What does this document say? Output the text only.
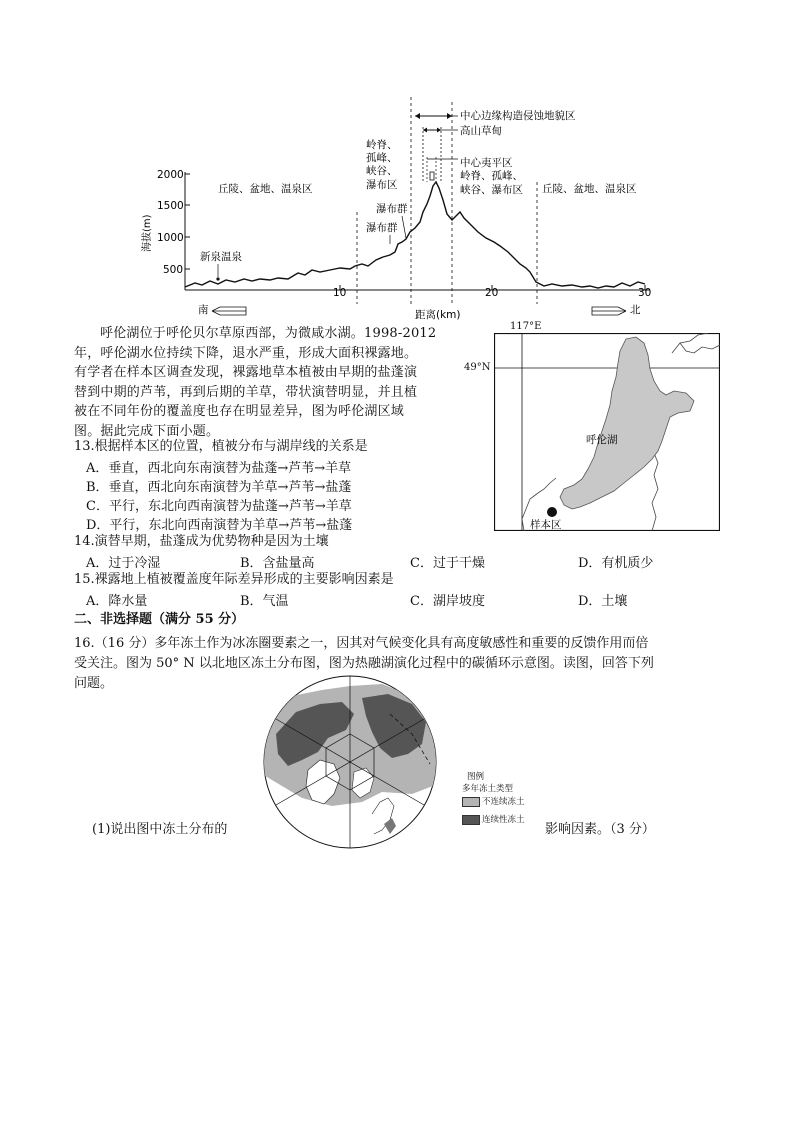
2000
1500
1000
500
海拔(m)
10	20	30
距离(km)
中心边缘构造侵蚀地貌区
高山草甸
中心夷平区
岭脊、孤峰、
峡谷、瀑布区
岭脊、
孤峰、
峡谷、
瀑布区
丘陵、盆地、温泉区	丘陵、盆地、温泉区
瀑布群
瀑布群
新泉温泉
南	北
呼伦湖位于呼伦贝尔草原西部，为微咸水湖。1998-2012
年，呼伦湖水位持续下降，退水严重，形成大面积裸露地。
有学者在样本区调查发现，裸露地草本植被由早期的盐蓬演
替到中期的芦苇，再到后期的羊草，带状演替明显，并且植
被在不同年份的覆盖度也存在明显差异，图为呼伦湖区域
图。据此完成下面小题。
117°E
49°N
呼伦湖
样本区
13.根据样本区的位置，植被分布与湖岸线的关系是
A．垂直，西北向东南演替为盐蓬→芦苇→羊草
B．垂直，西北向东南演替为羊草→芦苇→盐蓬
C．平行，东北向西南演替为盐蓬→芦苇→羊草
D．平行，东北向西南演替为羊草→芦苇→盐蓬
14.演替早期，盐蓬成为优势物种是因为土壤
A．过于冷湿	B．含盐量高	C．过于干燥	D．有机质少
15.裸露地上植被覆盖度年际差异形成的主要影响因素是
A．降水量	B．气温	C．湖岸坡度	D．土壤
二、非选择题（满分 55 分）
16.（16 分）多年冻土作为冰冻圈要素之一，因其对气候变化具有高度敏感性和重要的反馈作用而倍
受关注。图为 50° N 以北地区冻土分布图，图为热融湖演化过程中的碳循环示意图。读图，回答下列
问题。
图例
多年冻土类型
不连续冻土
连续性冻土
(1)说出图中冻土分布的	影响因素。（3 分）
